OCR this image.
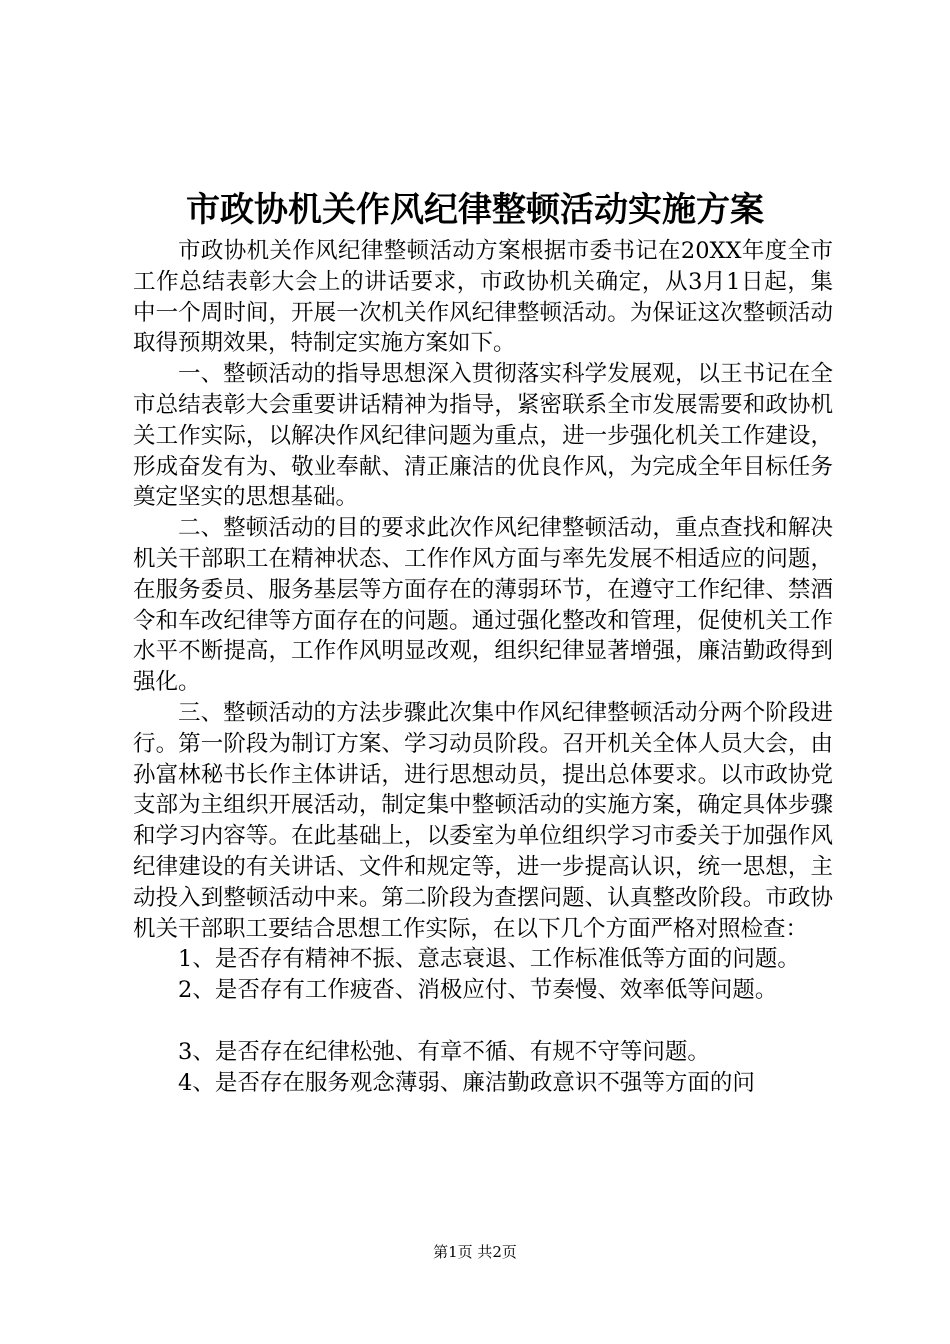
市政协机关作风纪律整顿活动实施方案

市政协机关作风纪律整顿活动方案根据市委书记在20XX年度全市工作总结表彰大会上的讲话要求，市政协机关确定，从3月1日起，集中一个周时间，开展一次机关作风纪律整顿活动。为保证这次整顿活动取得预期效果，特制定实施方案如下。

一、整顿活动的指导思想深入贯彻落实科学发展观，以王书记在全市总结表彰大会重要讲话精神为指导，紧密联系全市发展需要和政协机关工作实际，以解决作风纪律问题为重点，进一步强化机关工作建设，形成奋发有为、敬业奉献、清正廉洁的优良作风，为完成全年目标任务奠定坚实的思想基础。

二、整顿活动的目的要求此次作风纪律整顿活动，重点查找和解决机关干部职工在精神状态、工作作风方面与率先发展不相适应的问题，在服务委员、服务基层等方面存在的薄弱环节，在遵守工作纪律、禁酒令和车改纪律等方面存在的问题。通过强化整改和管理，促使机关工作水平不断提高，工作作风明显改观，组织纪律显著增强，廉洁勤政得到强化。

三、整顿活动的方法步骤此次集中作风纪律整顿活动分两个阶段进行。第一阶段为制订方案、学习动员阶段。召开机关全体人员大会，由孙富林秘书长作主体讲话，进行思想动员，提出总体要求。以市政协党支部为主组织开展活动，制定集中整顿活动的实施方案，确定具体步骤和学习内容等。在此基础上，以委室为单位组织学习市委关于加强作风纪律建设的有关讲话、文件和规定等，进一步提高认识，统一思想，主动投入到整顿活动中来。第二阶段为查摆问题、认真整改阶段。市政协机关干部职工要结合思想工作实际，在以下几个方面严格对照检查：

1、是否存有精神不振、意志衰退、工作标准低等方面的问题。

2、是否存有工作疲沓、消极应付、节奏慢、效率低等问题。

3、是否存在纪律松弛、有章不循、有规不守等问题。

4、是否存在服务观念薄弱、廉洁勤政意识不强等方面的问

第1页 共2页
